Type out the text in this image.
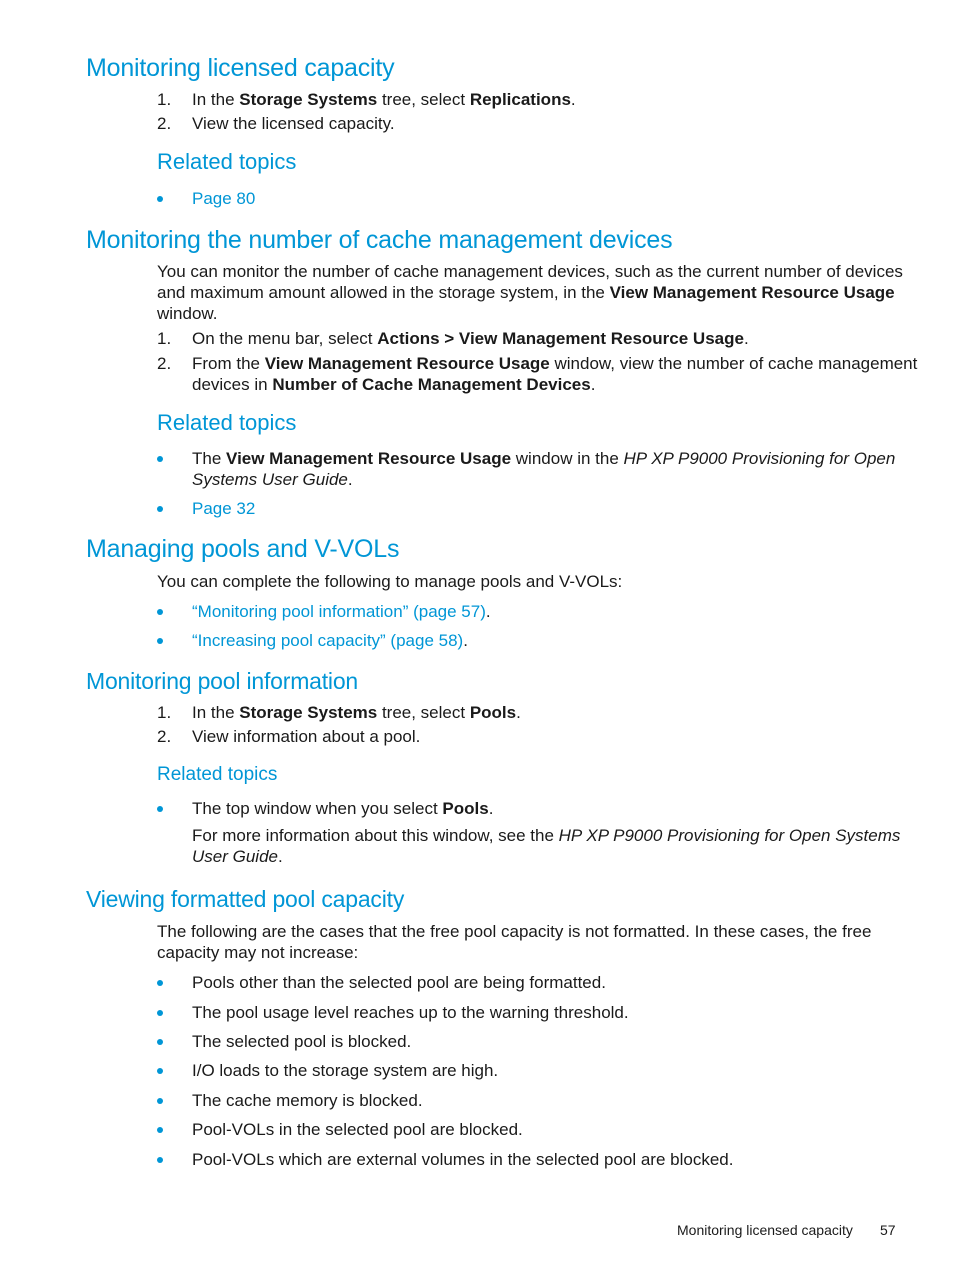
Monitoring licensed capacity
1. In the Storage Systems tree, select Replications.
2. View the licensed capacity.
Related topics
Page 80
Monitoring the number of cache management devices
You can monitor the number of cache management devices, such as the current number of devices
and maximum amount allowed in the storage system, in the View Management Resource Usage
window.
1. On the menu bar, select Actions > View Management Resource Usage.
2. From the View Management Resource Usage window, view the number of cache management
devices in Number of Cache Management Devices.
Related topics
The View Management Resource Usage window in the HP XP P9000 Provisioning for Open
Systems User Guide.
Page 32
Managing pools and V-VOLs
You can complete the following to manage pools and V-VOLs:
“Monitoring pool information” (page 57).
“Increasing pool capacity” (page 58).
Monitoring pool information
1. In the Storage Systems tree, select Pools.
2. View information about a pool.
Related topics
The top window when you select Pools.
For more information about this window, see the HP XP P9000 Provisioning for Open Systems
User Guide.
Viewing formatted pool capacity
The following are the cases that the free pool capacity is not formatted. In these cases, the free
capacity may not increase:
Pools other than the selected pool are being formatted.
The pool usage level reaches up to the warning threshold.
The selected pool is blocked.
I/O loads to the storage system are high.
The cache memory is blocked.
Pool-VOLs in the selected pool are blocked.
Pool-VOLs which are external volumes in the selected pool are blocked.
Monitoring licensed capacity 57
